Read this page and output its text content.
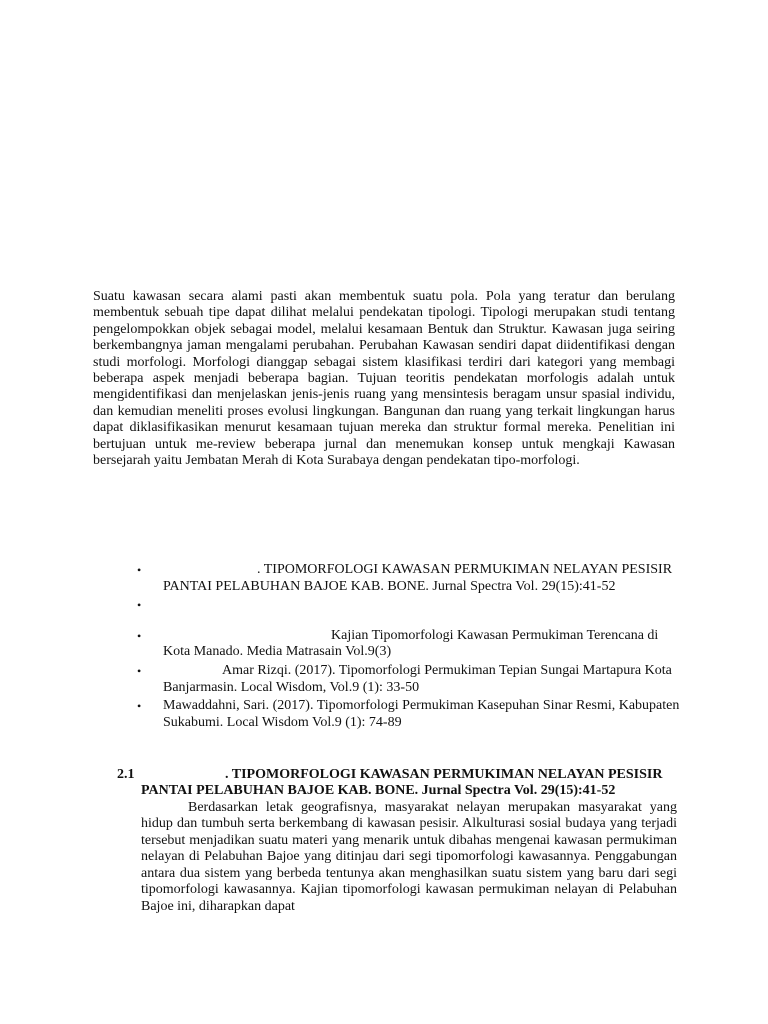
Suatu kawasan secara alami pasti akan membentuk suatu pola. Pola yang teratur dan berulang membentuk sebuah tipe dapat dilihat melalui pendekatan tipologi. Tipologi merupakan studi tentang pengelompokkan objek sebagai model, melalui kesamaan Bentuk dan Struktur. Kawasan juga seiring berkembangnya jaman mengalami perubahan. Perubahan Kawasan sendiri dapat diidentifikasi dengan studi morfologi. Morfologi dianggap sebagai sistem klasifikasi terdiri dari kategori yang membagi beberapa aspek menjadi beberapa bagian. Tujuan teoritis pendekatan morfologis adalah untuk mengidentifikasi dan menjelaskan jenis-jenis ruang yang mensintesis beragam unsur spasial individu, dan kemudian meneliti proses evolusi lingkungan. Bangunan dan ruang yang terkait lingkungan harus dapat diklasifikasikan menurut kesamaan tujuan mereka dan struktur formal mereka. Penelitian ini bertujuan untuk me-review beberapa jurnal dan menemukan konsep untuk mengkaji Kawasan bersejarah yaitu Jembatan Merah di Kota Surabaya dengan pendekatan tipo-morfologi.

•	. TIPOMORFOLOGI KAWASAN PERMUKIMAN NELAYAN PESISIR PANTAI PELABUHAN BAJOE KAB. BONE. Jurnal Spectra Vol. 29(15):41-52
•
•	Kajian Tipomorfologi Kawasan Permukiman Terencana di Kota Manado. Media Matrasain Vol.9(3)
•	Amar Rizqi. (2017). Tipomorfologi Permukiman Tepian Sungai Martapura Kota Banjarmasin. Local Wisdom, Vol.9 (1): 33-50
• Mawaddahni, Sari. (2017). Tipomorfologi Permukiman Kasepuhan Sinar Resmi, Kabupaten Sukabumi. Local Wisdom Vol.9 (1): 74-89
2.1	. TIPOMORFOLOGI KAWASAN PERMUKIMAN NELAYAN PESISIR PANTAI PELABUHAN BAJOE KAB. BONE. Jurnal Spectra Vol. 29(15):41-52

Berdasarkan letak geografisnya, masyarakat nelayan merupakan masyarakat yang hidup dan tumbuh serta berkembang di kawasan pesisir. Alkulturasi sosial budaya yang terjadi tersebut menjadikan suatu materi yang menarik untuk dibahas mengenai kawasan permukiman nelayan di Pelabuhan Bajoe yang ditinjau dari segi tipomorfologi kawasannya. Penggabungan antara dua sistem yang berbeda tentunya akan menghasilkan suatu sistem yang baru dari segi tipomorfologi kawasannya. Kajian tipomorfologi kawasan permukiman nelayan di Pelabuhan Bajoe ini, diharapkan dapat
